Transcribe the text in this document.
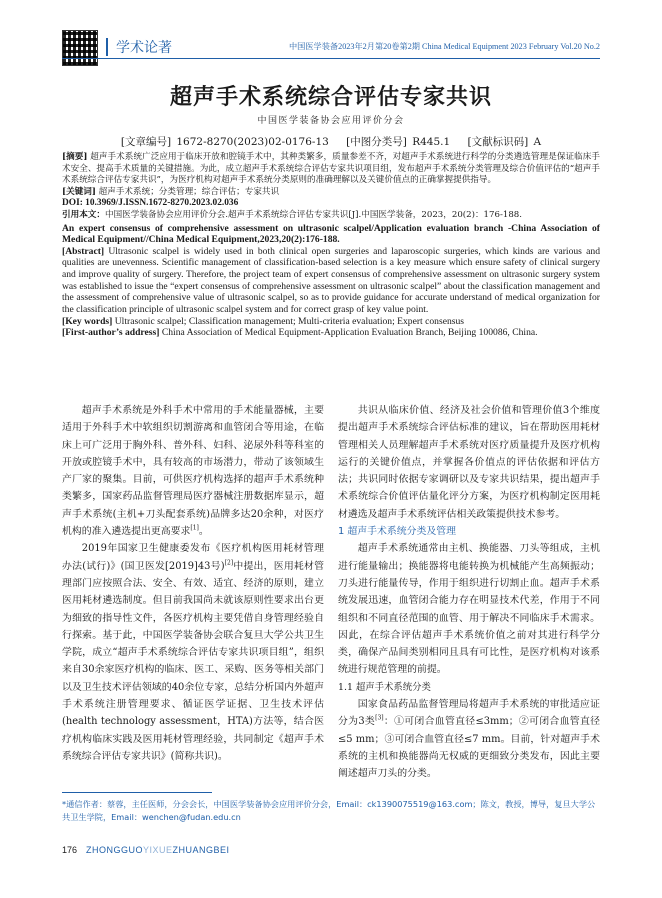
学术论著	中国医学装备2023年2月第20卷第2期 China Medical Equipment 2023 February Vol.20 No.2
超声手术系统综合评估专家共识
中国医学装备协会应用评价分会
[文章编号] 1672-8270(2023)02-0176-13 [中图分类号] R445.1 [文献标识码] A

[摘要] 超声手术系统广泛应用于临床开放和腔镜手术中，其种类繁多，质量参差不齐，对超声手术系统进行科学的分类遴选管理是保证临床手术安全、提高手术质量的关键措施。为此，成立超声手术系统综合评估专家共识项目组，发布超声手术系统分类管理及综合价值评估的“超声手术系统综合评估专家共识”，为医疗机构对超声手术系统分类原则的准确理解以及关键价值点的正确掌握提供指导。

[关键词] 超声手术系统；分类管理；综合评估；专家共识

DOI: 10.3969/J.ISSN.1672-8270.2023.02.036

引用本文：中国医学装备协会应用评价分会.超声手术系统综合评估专家共识[J].中国医学装备，2023，20(2)：176-188.

An expert consensus of comprehensive assessment on ultrasonic scalpel/Application evaluation branch -China Association of Medical Equipment//China Medical Equipment,2023,20(2):176-188.

[Abstract] Ultrasonic scalpel is widely used in both clinical open surgeries and laparoscopic surgeries, which kinds are various and qualities are unevenness. Scientific management of classification-based selection is a key measure which ensure safety of clinical surgery and improve quality of surgery. Therefore, the project team of expert consensus of comprehensive assessment on ultrasonic surgery system was established to issue the “expert consensus of comprehensive assessment on ultrasonic scalpel” about the classification management and the assessment of comprehensive value of ultrasonic scalpel, so as to provide guidance for accurate understand of medical organization for the classification principle of ultrasonic scalpel system and for correct grasp of key value point.

[Key words] Ultrasonic scalpel; Classification management; Multi-criteria evaluation; Expert consensus

[First-author’s address] China Association of Medical Equipment-Application Evaluation Branch, Beijing 100086, China.

超声手术系统是外科手术中常用的手术能量器械，主要适用于外科手术中软组织切割游离和血管闭合等用途，在临床上可广泛用于胸外科、普外科、妇科、泌尿外科等科室的开放或腔镜手术中，具有较高的市场潜力，带动了该领域生产厂家的聚集。目前，可供医疗机构选择的超声手术系统种类繁多，国家药品监督管理局医疗器械注册数据库显示，超声手术系统(主机+刀头配套系统)品牌多达20余种，对医疗机构的准入遴选提出更高要求[1]。

2019年国家卫生健康委发布《医疗机构医用耗材管理办法(试行)》(国卫医发[2019]43号)[2]中提出，医用耗材管理部门应按照合法、安全、有效、适宜、经济的原则，建立医用耗材遴选制度。但目前我国尚未就该原则性要求出台更为细致的指导性文件，各医疗机构主要凭借自身管理经验自行探索。基于此，中国医学装备协会联合复旦大学公共卫生学院，成立“超声手术系统综合评估专家共识项目组”，组织来自30余家医疗机构的临床、医工、采购、医务等相关部门以及卫生技术评估领域的40余位专家，总结分析国内外超声手术系统注册管理要求、循证医学证据、卫生技术评估(health technology assessment，HTA)方法等，结合医疗机构临床实践及医用耗材管理经验，共同制定《超声手术系统综合评估专家共识》(简称共识)。

共识从临床价值、经济及社会价值和管理价值3个维度提出超声手术系统综合评估标准的建议，旨在帮助医用耗材管理相关人员理解超声手术系统对医疗质量提升及医疗机构运行的关键价值点，并掌握各价值点的评估依据和评估方法；共识同时依据专家调研以及专家共识结果，提出超声手术系统综合价值评估量化评分方案，为医疗机构制定医用耗材遴选及超声手术系统评估相关政策提供技术参考。

1 超声手术系统分类及管理

超声手术系统通常由主机、换能器、刀头等组成，主机进行能量输出；换能器将电能转换为机械能产生高频振动；刀头进行能量传导，作用于组织进行切割止血。超声手术系统发展迅速，血管闭合能力存在明显技术代差，作用于不同组织和不同直径范围的血管、用于解决不同临床手术需求。因此，在综合评估超声手术系统价值之前对其进行科学分类，确保产品间类别相同且具有可比性，是医疗机构对该系统进行规范管理的前提。

1.1 超声手术系统分类

国家食品药品监督管理局将超声手术系统的审批适应证分为3类[3]：①可闭合血管直径≤3mm；②可闭合血管直径≤5 mm；③可闭合血管直径≤7 mm。目前，针对超声手术系统的主机和换能器尚无权威的更细致分类发布，因此主要阐述超声刀头的分类。

*通信作者：蔡蓉，主任医师，分会会长，中国医学装备协会应用评价分会，Email：ck1390075519@163.com；陈文，教授，博导，复旦大学公共卫生学院，Email：wenchen@fudan.edu.cn
176 ZHONGGUOYIXUEZHUANGBEI
